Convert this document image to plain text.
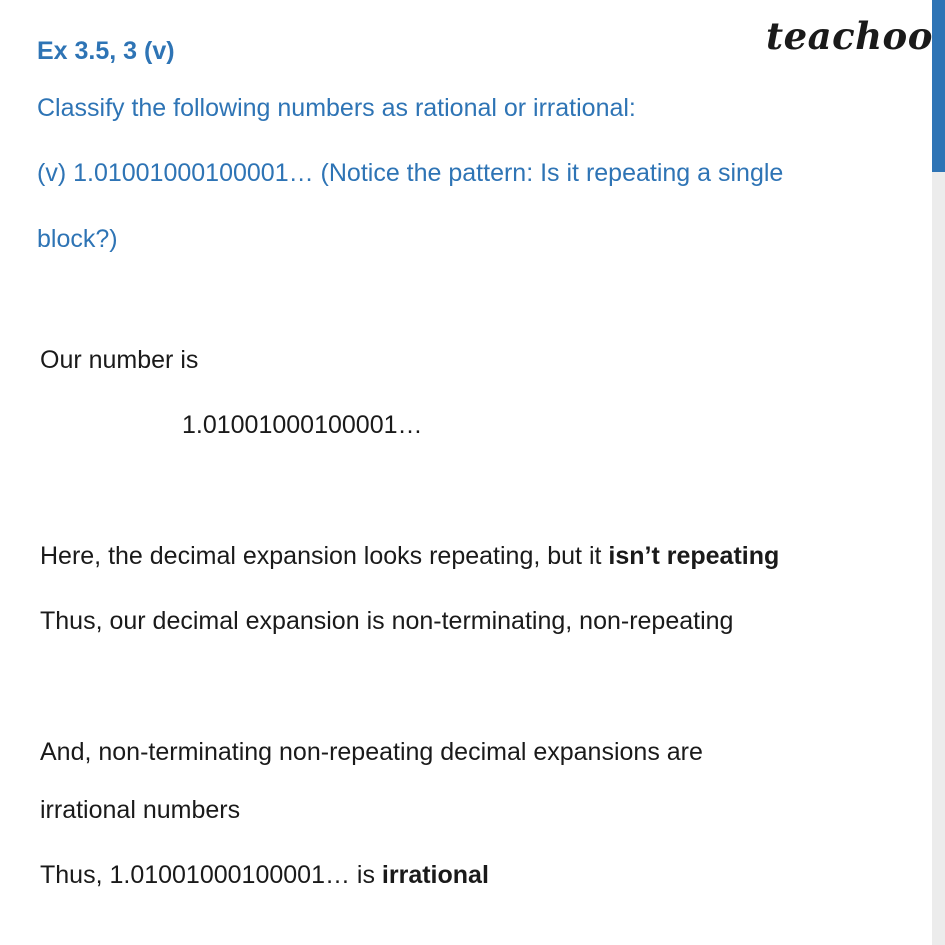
teachoo
Ex 3.5, 3 (v)
Classify the following numbers as rational or irrational:
(v) 1.01001000100001… (Notice the pattern: Is it repeating a single
block?)
Our number is
1.01001000100001…
Here, the decimal expansion looks repeating, but it isn’t repeating
Thus, our decimal expansion is non-terminating, non-repeating
And, non-terminating non-repeating decimal expansions are
irrational numbers
Thus, 1.01001000100001… is irrational
